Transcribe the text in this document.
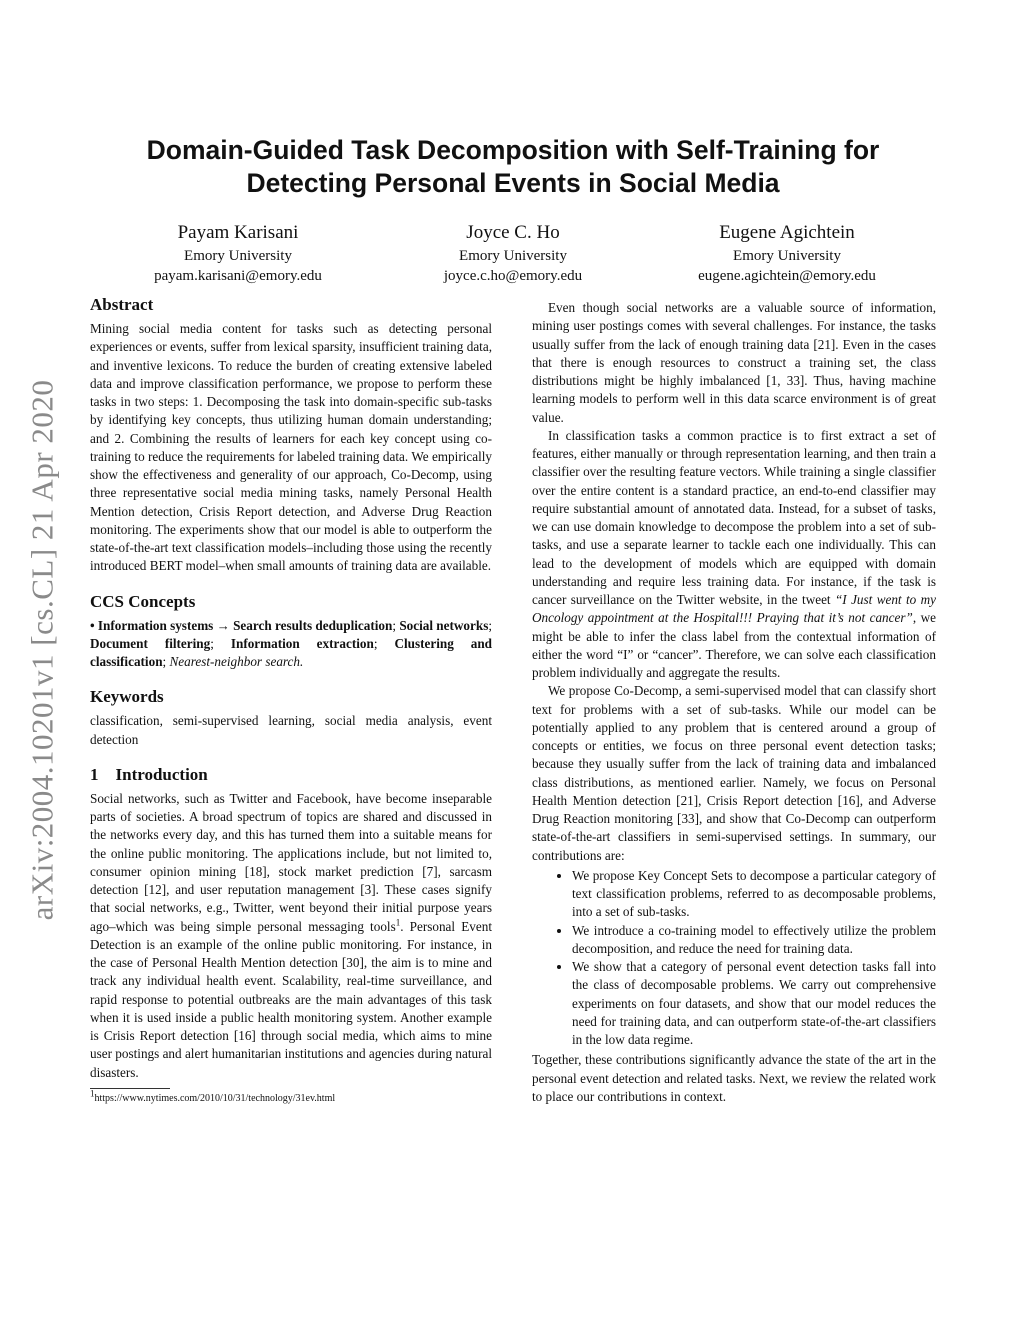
arXiv:2004.10201v1 [cs.CL] 21 Apr 2020
Domain-Guided Task Decomposition with Self-Training for Detecting Personal Events in Social Media
Payam Karisani
Emory University
payam.karisani@emory.edu
Joyce C. Ho
Emory University
joyce.c.ho@emory.edu
Eugene Agichtein
Emory University
eugene.agichtein@emory.edu
Abstract

Mining social media content for tasks such as detecting personal experiences or events, suffer from lexical sparsity, insufficient training data, and inventive lexicons. To reduce the burden of creating extensive labeled data and improve classification performance, we propose to perform these tasks in two steps: 1. Decomposing the task into domain-specific sub-tasks by identifying key concepts, thus utilizing human domain understanding; and 2. Combining the results of learners for each key concept using co-training to reduce the requirements for labeled training data. We empirically show the effectiveness and generality of our approach, Co-Decomp, using three representative social media mining tasks, namely Personal Health Mention detection, Crisis Report detection, and Adverse Drug Reaction monitoring. The experiments show that our model is able to outperform the state-of-the-art text classification models–including those using the recently introduced BERT model–when small amounts of training data are available.

CCS Concepts

• Information systems → Search results deduplication; Social networks; Document filtering; Information extraction; Clustering and classification; Nearest-neighbor search.

Keywords

classification, semi-supervised learning, social media analysis, event detection

1    Introduction

Social networks, such as Twitter and Facebook, have become inseparable parts of societies. A broad spectrum of topics are shared and discussed in the networks every day, and this has turned them into a suitable means for the online public monitoring. The applications include, but not limited to, consumer opinion mining [18], stock market prediction [7], sarcasm detection [12], and user reputation management [3]. These cases signify that social networks, e.g., Twitter, went beyond their initial purpose years ago–which was being simple personal messaging tools$^1$. Personal Event Detection is an example of the online public monitoring. For instance, in the case of Personal Health Mention detection [30], the aim is to mine and track any individual health event. Scalability, real-time surveillance, and rapid response to potential outbreaks are the main advantages of this task when it is used inside a public health monitoring system. Another example is Crisis Report detection [16] through social media, which aims to mine user postings and alert humanitarian institutions and agencies during natural disasters.

$^1$https://www.nytimes.com/2010/10/31/technology/31ev.html

Even though social networks are a valuable source of information, mining user postings comes with several challenges. For instance, the tasks usually suffer from the lack of enough training data [21]. Even in the cases that there is enough resources to construct a training set, the class distributions might be highly imbalanced [1, 33]. Thus, having machine learning models to perform well in this data scarce environment is of great value.

In classification tasks a common practice is to first extract a set of features, either manually or through representation learning, and then train a classifier over the resulting feature vectors. While training a single classifier over the entire content is a standard practice, an end-to-end classifier may require substantial amount of annotated data. Instead, for a subset of tasks, we can use domain knowledge to decompose the problem into a set of sub-tasks, and use a separate learner to tackle each one individually. This can lead to the development of models which are equipped with domain understanding and require less training data. For instance, if the task is cancer surveillance on the Twitter website, in the tweet “I Just went to my Oncology appointment at the Hospital!!! Praying that it’s not cancer”, we might be able to infer the class label from the contextual information of either the word “I” or “cancer”. Therefore, we can solve each classification problem individually and aggregate the results.

We propose Co-Decomp, a semi-supervised model that can classify short text for problems with a set of sub-tasks. While our model can be potentially applied to any problem that is centered around a group of concepts or entities, we focus on three personal event detection tasks; because they usually suffer from the lack of training data and imbalanced class distributions, as mentioned earlier. Namely, we focus on Personal Health Mention detection [21], Crisis Report detection [16], and Adverse Drug Reaction monitoring [33], and show that Co-Decomp can outperform state-of-the-art classifiers in semi-supervised settings. In summary, our contributions are:

• We propose Key Concept Sets to decompose a particular category of text classification problems, referred to as decomposable problems, into a set of sub-tasks.
• We introduce a co-training model to effectively utilize the problem decomposition, and reduce the need for training data.
• We show that a category of personal event detection tasks fall into the class of decomposable problems. We carry out comprehensive experiments on four datasets, and show that our model reduces the need for training data, and can outperform state-of-the-art classifiers in the low data regime.

Together, these contributions significantly advance the state of the art in the personal event detection and related tasks. Next, we review the related work to place our contributions in context.
